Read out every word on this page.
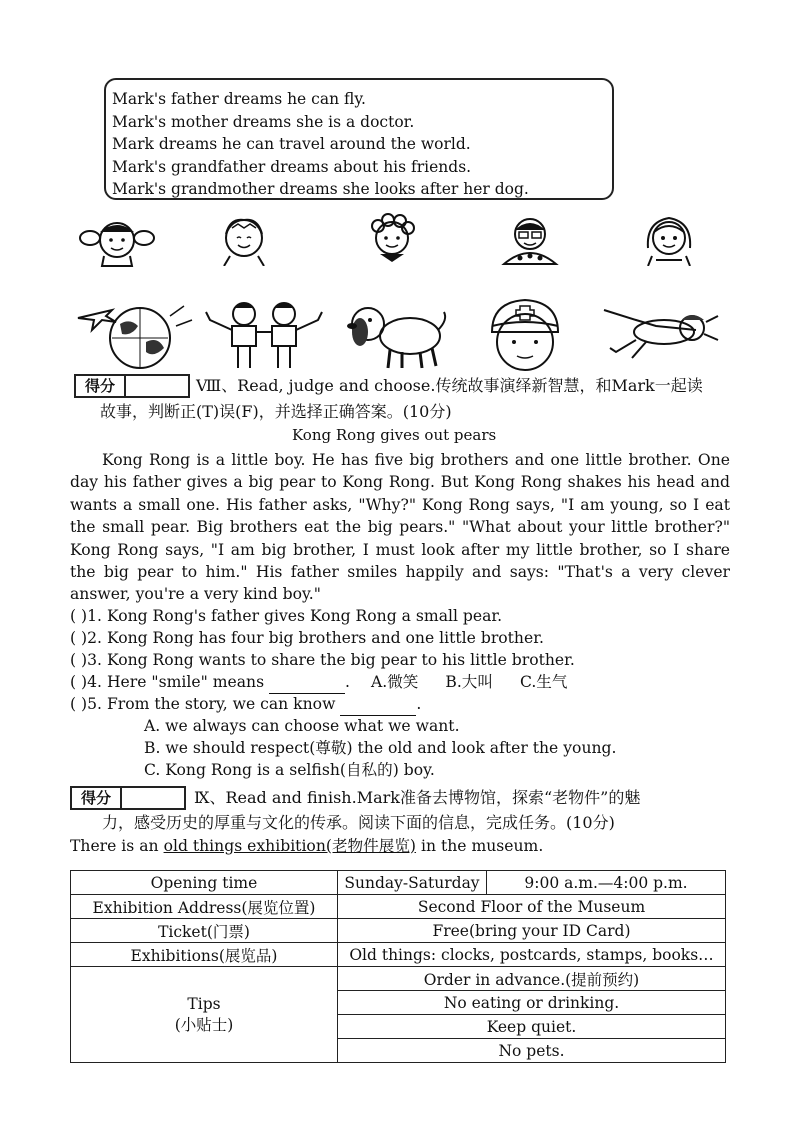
Mark's father dreams he can fly.
Mark's mother dreams she is a doctor.
Mark dreams he can travel around the world.
Mark's grandfather dreams about his friends.
Mark's grandmother dreams she looks after her dog.
得分	Ⅷ、Read, judge and choose.传统故事演绎新智慧，和Mark一起读
故事，判断正(T)误(F)，并选择正确答案。(10分)
Kong Rong gives out pears
Kong Rong is a little boy. He has five big brothers and one little brother. One day his father gives a big pear to Kong Rong. But Kong Rong shakes his head and wants a small one. His father asks, "Why?" Kong Rong says, "I am young, so I eat the small pear. Big brothers eat the big pears." "What about your little brother?" Kong Rong says, "I am big brother, I must look after my little brother, so I share the big pear to him." His father smiles happily and says: "That's a very clever answer, you're a very kind boy."
( )1. Kong Rong's father gives Kong Rong a small pear.
( )2. Kong Rong has four big brothers and one little brother.
( )3. Kong Rong wants to share the big pear to his little brother.
( )4. Here "smile" means	. A.微笑 B.大叫 C.生气
( )5. From the story, we can know	.
A. we always can choose what we want.
B. we should respect(尊敬) the old and look after the young.
C. Kong Rong is a selfish(自私的) boy.
得分	Ⅸ、Read and finish.Mark准备去博物馆，探索“老物件”的魅
力，感受历史的厚重与文化的传承。阅读下面的信息，完成任务。(10分)
There is an old things exhibition(老物件展览) in the museum.
Opening time	Sunday-Saturday	9:00 a.m.—4:00 p.m.
Exhibition Address(展览位置)	Second Floor of the Museum	
Ticket(门票)	Free(bring your ID Card)	
Exhibitions(展览品)	Old things: clocks, postcards, stamps, books…	

Tips
(小贴士)	Order in advance.(提前预约)	
	No eating or drinking.	
	Keep quiet.	
	No pets.	
